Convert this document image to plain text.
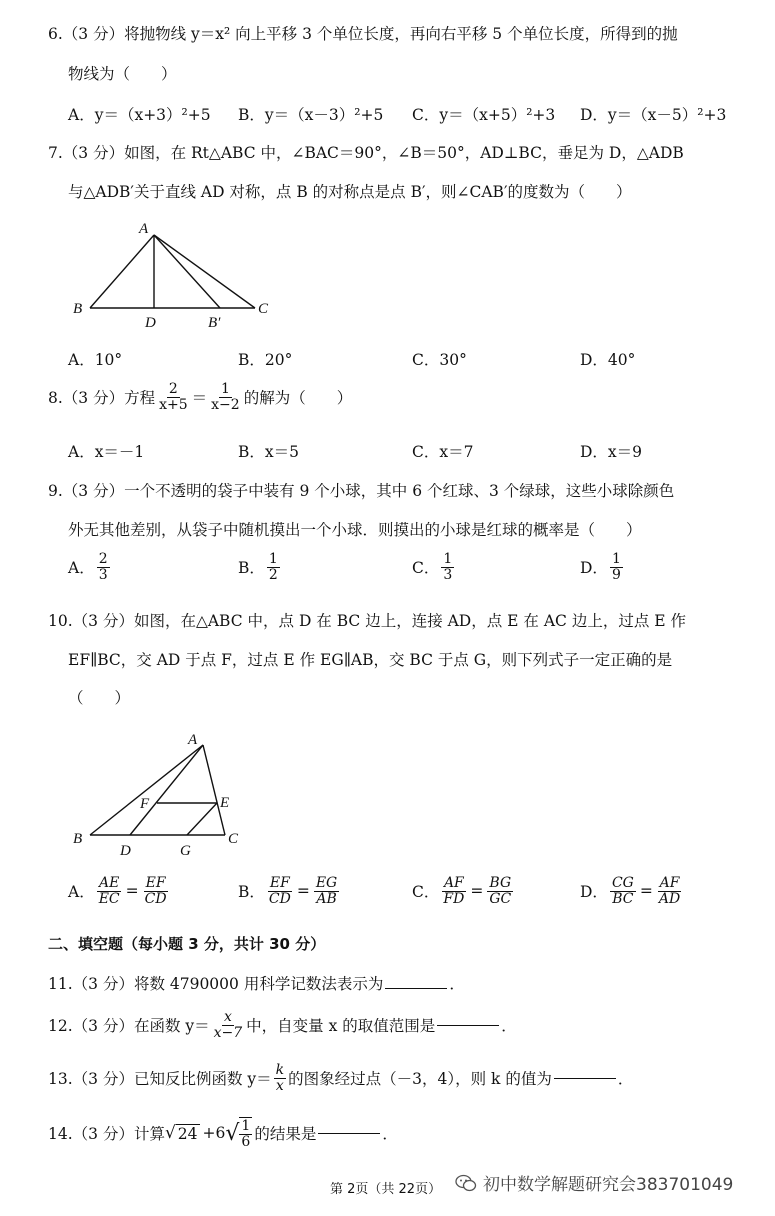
6.（3 分）将抛物线 y＝x² 向上平移 3 个单位长度，再向右平移 5 个单位长度，所得到的抛
物线为（　　）
A．y＝（x+3）²+5 B．y＝（x－3）²+5 C．y＝（x+5）²+3 D．y＝（x－5）²+3
7.（3 分）如图，在 Rt△ABC 中，∠BAC＝90°，∠B＝50°，AD⊥BC，垂足为 D，△ADB
与△ADB′关于直线 AD 对称，点 B 的对称点是点 B′，则∠CAB′的度数为（　　）
A
B
D	B′
C
A．10°	B．20°	C．30°	D．40°
8.（3 分）方程 $\frac{2}{x+5} = \frac{1}{x-2}$ 的解为（　　）
A．x＝－1	B．x＝5	C．x＝7	D．x＝9
9.（3 分）一个不透明的袋子中装有 9 个小球，其中 6 个红球、3 个绿球，这些小球除颜色
外无其他差别，从袋子中随机摸出一个小球．则摸出的小球是红球的概率是（　　）
A． $\frac{2}{3}$	B． $\frac{1}{2}$	C． $\frac{1}{3}$	D． $\frac{1}{9}$
10.（3 分）如图，在△ABC 中，点 D 在 BC 边上，连接 AD，点 E 在 AC 边上，过点 E 作
EF∥BC，交 AD 于点 F，过点 E 作 EG∥AB，交 BC 于点 G，则下列式子一定正确的是
（　　）
A
B	C
D
E
F
G
A． $\frac{AE}{EC} = \frac{EF}{CD}$	B． $\frac{EF}{CD} = \frac{EG}{AB}$	C． $\frac{AF}{FD} = \frac{BG}{GC}$	D． $\frac{CG}{BC} = \frac{AF}{AD}$
二、填空题（每小题 3 分，共计 30 分）
11.（3 分）将数 4790000 用科学记数法表示为	．
12.（3 分）在函数 $y= \frac{x}{x-7}$ 中，自变量 x 的取值范围是	．
13.（3 分）已知反比例函数 $y= \frac{k}{x}$ 的图象经过点（－3，4），则 k 的值为	．
14.（3 分）计算 √ 24 +6 √ $\frac{1}{6}$ 的结果是	．
第 2页（共 22页） 初中数学解题研究会383701049
